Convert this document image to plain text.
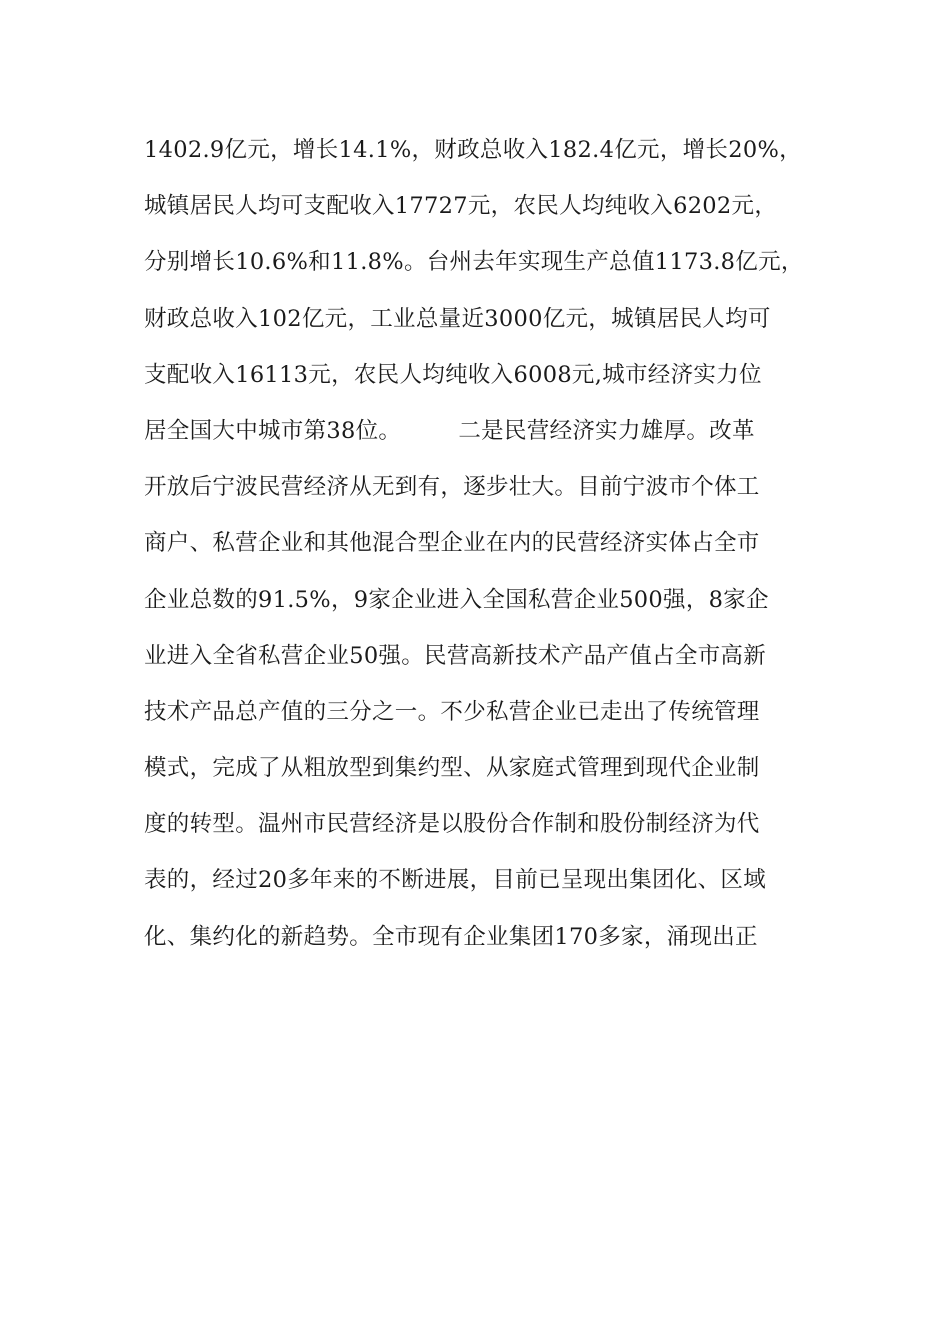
1402.9亿元，增长14.1%，财政总收入182.4亿元，增长20%，
城镇居民人均可支配收入17727元，农民人均纯收入6202元，
分别增长10.6%和11.8%。台州去年实现生产总值1173.8亿元，
财政总收入102亿元，工业总量近3000亿元，城镇居民人均可
支配收入16113元，农民人均纯收入6008元,城市经济实力位
居全国大中城市第38位。　　　二是民营经济实力雄厚。改革
开放后宁波民营经济从无到有，逐步壮大。目前宁波市个体工
商户、私营企业和其他混合型企业在内的民营经济实体占全市
企业总数的91.5%，9家企业进入全国私营企业500强，8家企
业进入全省私营企业50强。民营高新技术产品产值占全市高新
技术产品总产值的三分之一。不少私营企业已走出了传统管理
模式，完成了从粗放型到集约型、从家庭式管理到现代企业制
度的转型。温州市民营经济是以股份合作制和股份制经济为代
表的，经过20多年来的不断进展，目前已呈现出集团化、区域
化、集约化的新趋势。全市现有企业集团170多家，涌现出正
